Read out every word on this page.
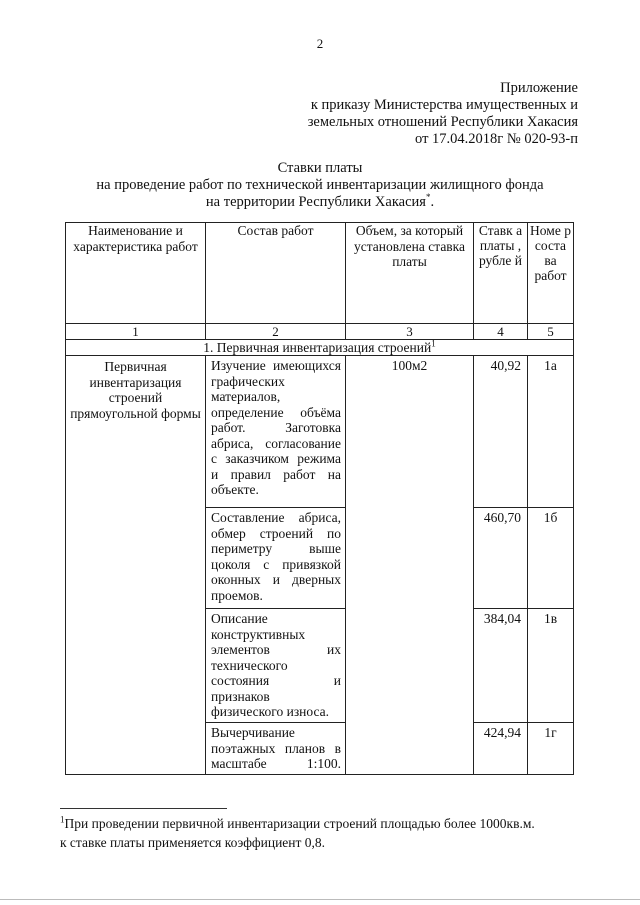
2
Приложение
к приказу Министерства имущественных и
земельных отношений Республики Хакасия
от 17.04.2018г № 020-93-п
Ставки платы
на проведение работ по технической инвентаризации жилищного фонда
на территории Республики Хакасия*.
Наименование и характеристика работ	Состав работ	Объем, за который установлена ставка платы	Ставк а платы , рубле й	Номе р соста ва работ
1	2	3	4	5
1. Первичная инвентаризация строений$^1$
Первичная инвентаризация строений прямоугольной формы	Изучение имеющихся графических материалов, определение объёма работ. Заготовка абриса, согласование с заказчиком режима и правил работ на объекте.	100м2	40,92	1а
	Составление абриса, обмер строений по периметру выше цоколя с привязкой оконных и дверных проемов.		460,70	1б
	Описание конструктивных элементов их технического состояния и признаков физического износа.		384,04	1в
	Вычерчивание поэтажных планов в масштабе 1:100.		424,94	1г
$^1$При проведении первичной инвентаризации строений площадью более 1000кв.м.
к ставке платы применяется коэффициент 0,8.
